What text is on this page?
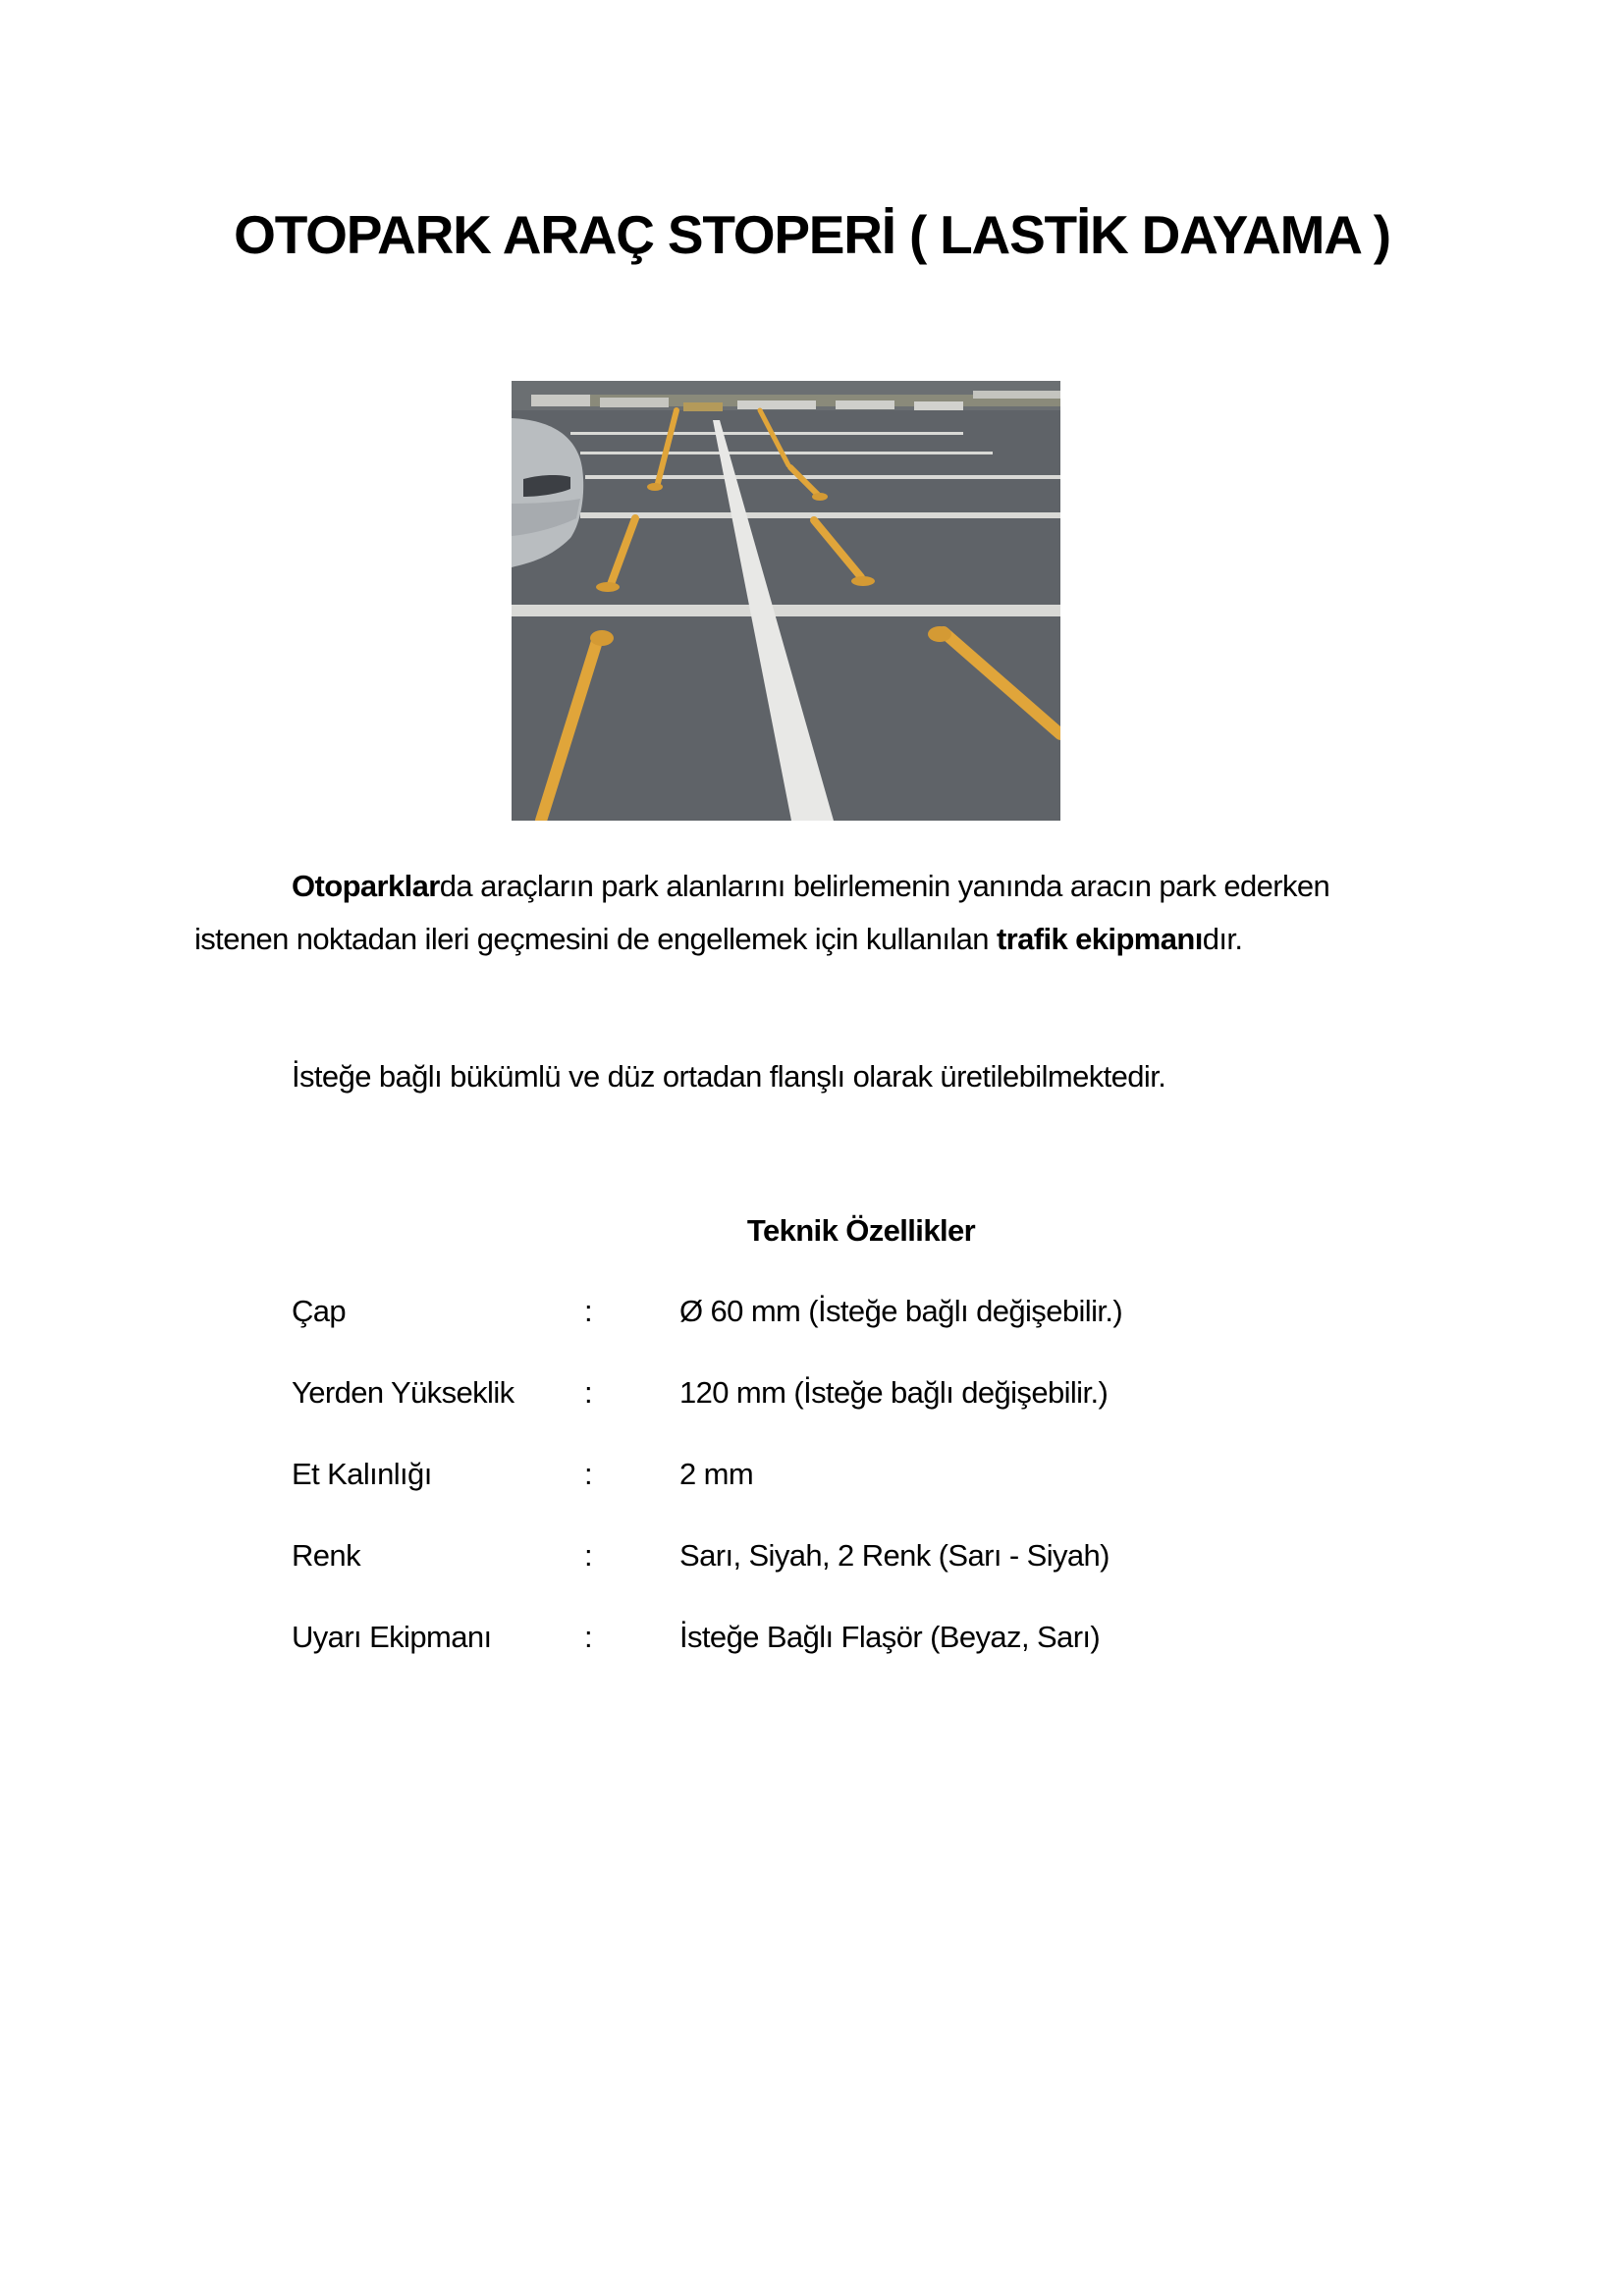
OTOPARK ARAÇ STOPERİ ( LASTİK DAYAMA )

Otoparklarda araçların park alanlarını belirlemenin yanında aracın park ederken istenen noktadan ileri geçmesini de engellemek için kullanılan trafik ekipmanıdır.

İsteğe bağlı bükümlü ve düz ortadan flanşlı olarak üretilebilmektedir.

Teknik Özellikler
Çap	:	Ø 60 mm (İsteğe bağlı değişebilir.)
Yerden Yükseklik :	120 mm (İsteğe bağlı değişebilir.)
Et Kalınlığı	:	2 mm
Renk	:	Sarı, Siyah, 2 Renk (Sarı - Siyah)
Uyarı Ekipmanı	:	İsteğe Bağlı Flaşör (Beyaz, Sarı)
